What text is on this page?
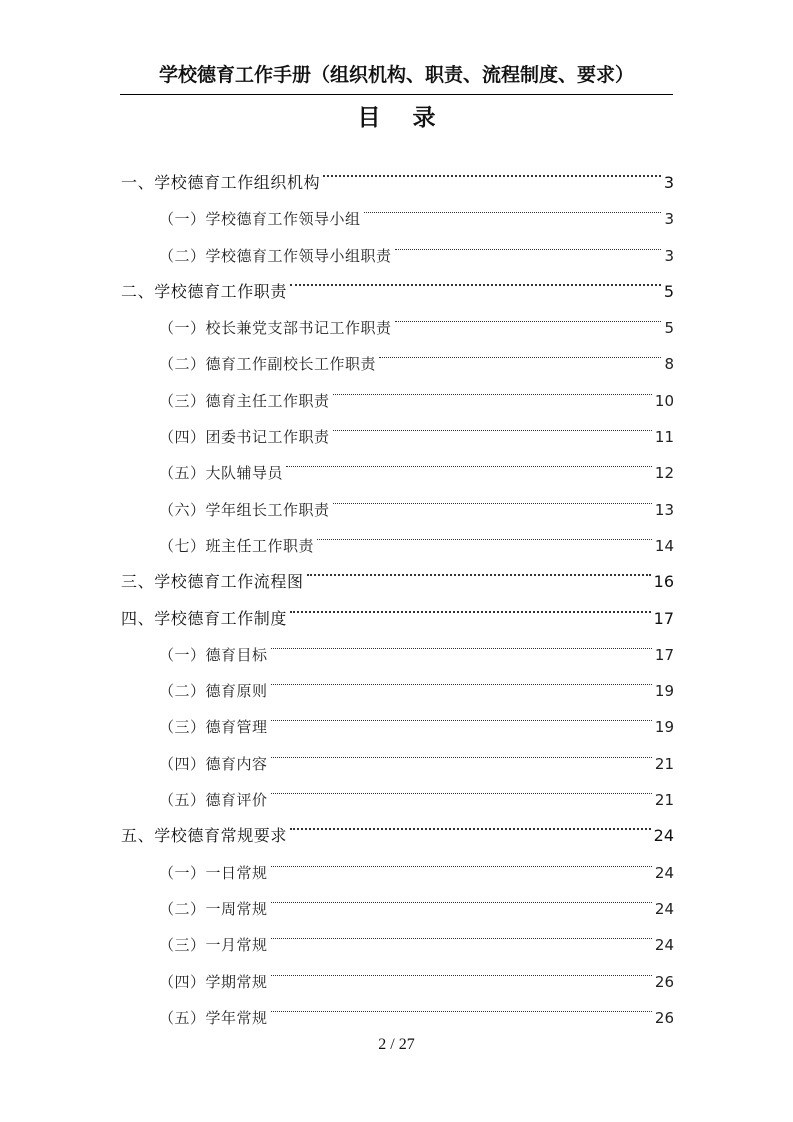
学校德育工作手册（组织机构、职责、流程制度、要求）
目 录
一、学校德育工作组织机构	3
（一）学校德育工作领导小组	3
（二）学校德育工作领导小组职责	3
二、学校德育工作职责	5
（一）校长兼党支部书记工作职责	5
（二）德育工作副校长工作职责	8
（三）德育主任工作职责	10
（四）团委书记工作职责	11
（五）大队辅导员	12
（六）学年组长工作职责	13
（七）班主任工作职责	14
三、学校德育工作流程图	16
四、学校德育工作制度	17
（一）德育目标	17
（二）德育原则	19
（三）德育管理	19
（四）德育内容	21
（五）德育评价	21
五、学校德育常规要求	24
（一）一日常规	24
（二）一周常规	24
（三）一月常规	24
（四）学期常规	26
（五）学年常规	26
2 / 27
